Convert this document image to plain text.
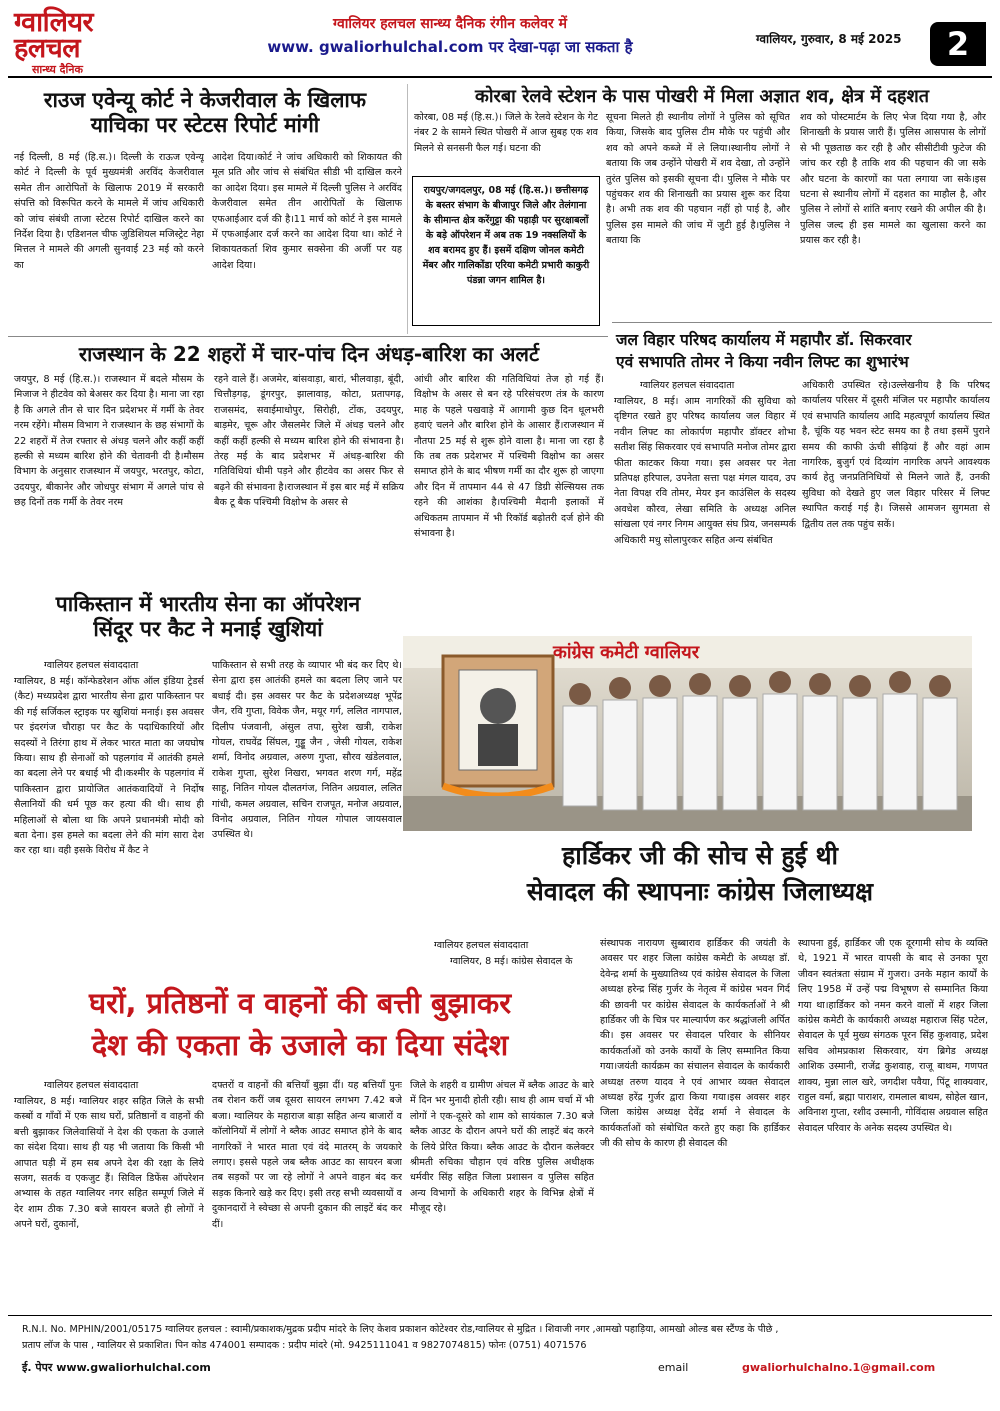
ग्वालियर
हलचल
सान्ध्य दैनिक
ग्वालियर हलचल सान्ध्य दैनिक रंगीन कलेवर में
www. gwaliorhulchal.com पर देखा-पढ़ा जा सकता है	ग्वालियर, गुरुवार, 8 मई 2025	2
राउज एवेन्यू कोर्ट ने केजरीवाल के खिलाफ
याचिका पर स्टेटस रिपोर्ट मांगी
नई दिल्ली, 8 मई (हि.स.)। दिल्ली के राऊज एवेन्यू कोर्ट ने दिल्ली के पूर्व मुख्यमंत्री अरविंद केजरीवाल समेत तीन आरोपितों के खिलाफ 2019 में सरकारी संपत्ति को विरूपित करने के मामले में जांच अधिकारी को जांच संबंधी ताजा स्टेटस रिपोर्ट दाखिल करने का निर्देश दिया है। एडिशनल चीफ जुडिशियल मजिस्ट्रेट नेहा मित्तल ने मामले की अगली सुनवाई 23 मई को करने का
आदेश दिया।कोर्ट ने जांच अधिकारी को शिकायत की मूल प्रति और जांच से संबंधित सीडी भी दाखिल करने का आदेश दिया। इस मामले में दिल्ली पुलिस ने अरविंद केजरीवाल समेत तीन आरोपितों के खिलाफ एफआईआर दर्ज की है।11 मार्च को कोर्ट ने इस मामले में एफआईआर दर्ज करने का आदेश दिया था। कोर्ट ने शिकायतकर्ता शिव कुमार सक्सेना की अर्जी पर यह आदेश दिया।
कोरबा रेलवे स्टेशन के पास पोखरी में मिला अज्ञात शव, क्षेत्र में दहशत
कोरबा, 08 मई (हि.स.)। जिले के रेलवे स्टेशन के गेट नंबर 2 के सामने स्थित पोखरी में आज सुबह एक शव मिलने से सनसनी फैल गई। घटना की
रायपुर/जगदलपुर, 08 मई (हि.स.)। छत्तीसगढ़ के बस्तर संभाग के बीजापुर जिले और तेलंगाना के सीमान्त क्षेत्र करेंगुट्टा की पहाड़ी पर सुरक्षाबलों के बड़े ऑपरेशन में अब तक 19 नक्सलियों के शव बरामद हुए हैं। इसमें दक्षिण जोनल कमेटी मेंबर और गालिकोंडा एरिया कमेटी प्रभारी काकुरी पंडन्ना जगन शामिल है।
सूचना मिलते ही स्थानीय लोगों ने पुलिस को सूचित किया, जिसके बाद पुलिस टीम मौके पर पहुंची और शव को अपने कब्जे में ले लिया।स्थानीय लोगों ने बताया कि जब उन्होंने पोखरी में शव देखा, तो उन्होंने तुरंत पुलिस को इसकी सूचना दी। पुलिस ने मौके पर पहुंचकर शव की शिनाख्ती का प्रयास शुरू कर दिया है। अभी तक शव की पहचान नहीं हो पाई है, और पुलिस इस मामले की जांच में जुटी हुई है।पुलिस ने बताया कि
शव को पोस्टमार्टम के लिए भेज दिया गया है, और शिनाख्ती के प्रयास जारी हैं। पुलिस आसपास के लोगों से भी पूछताछ कर रही है और सीसीटीवी फुटेज की जांच कर रही है ताकि शव की पहचान की जा सके और घटना के कारणों का पता लगाया जा सके।इस घटना से स्थानीय लोगों में दहशत का माहौल है, और पुलिस ने लोगों से शांति बनाए रखने की अपील की है। पुलिस जल्द ही इस मामले का खुलासा करने का प्रयास कर रही है।
राजस्थान के 22 शहरों में चार-पांच दिन अंधड़-बारिश का अलर्ट
जयपुर, 8 मई (हि.स.)। राजस्थान में बदले मौसम के मिजाज ने हीटवेव को बेअसर कर दिया है। माना जा रहा है कि अगले तीन से चार दिन प्रदेशभर में गर्मी के तेवर नरम रहेंगे। मौसम विभाग ने राजस्थान के छह संभागों के 22 शहरों में तेज रफ्तार से अंधड़ चलने और कहीं कहीं हल्की से मध्यम बारिश होने की चेतावनी दी है।मौसम विभाग के अनुसार राजस्थान में जयपुर, भरतपुर, कोटा, उदयपुर, बीकानेर और जोधपुर संभाग में अगले पांच से छह दिनों तक गर्मी के तेवर नरम
रहने वाले हैं। अजमेर, बांसवाड़ा, बारां, भीलवाड़ा, बूंदी, चित्तौड़गढ़, डूंगरपुर, झालावाड़, कोटा, प्रतापगढ़, राजसमंद, सवाईमाधोपुर, सिरोही, टोंक, उदयपुर, बाड़मेर, चूरू और जैसलमेर जिले में अंधड़ चलने और कहीं कहीं हल्की से मध्यम बारिश होने की संभावना है। तेरह मई के बाद प्रदेशभर में अंधड़-बारिश की गतिविधियां धीमी पड़ने और हीटवेव का असर फिर से बढ़ने की संभावना है।राजस्थान में इस बार मई में सक्रिय बैक टू बैक पश्चिमी विक्षोभ के असर से
आंधी और बारिश की गतिविधियां तेज हो गई हैं। विक्षोभ के असर से बन रहे परिसंचरण तंत्र के कारण माह के पहले पखवाड़े में आगामी कुछ दिन धूलभरी हवाएं चलने और बारिश होने के आसार हैं।राजस्थान में नौतपा 25 मई से शुरू होने वाला है। माना जा रहा है कि तब तक प्रदेशभर में पश्चिमी विक्षोभ का असर समाप्त होने के बाद भीषण गर्मी का दौर शुरू हो जाएगा और दिन में तापमान 44 से 47 डिग्री सेल्सियस तक रहने की आशंका है।पश्चिमी मैदानी इलाकों में अधिकतम तापमान में भी रिकॉर्ड बढ़ोतरी दर्ज होने की संभावना है।
जल विहार परिषद कार्यालय में महापौर डॉ. सिकरवार
एवं सभापति तोमर ने किया नवीन लिफ्ट का शुभारंभ
ग्वालियर हलचल संवाददाता
ग्वालियर, 8 मई। आम नागरिकों की सुविधा को दृष्टिगत रखते हुए परिषद कार्यालय जल विहार में नवीन लिफ्ट का लोकार्पण महापौर डॉक्टर शोभा सतीश सिंह सिकरवार एवं सभापति मनोज तोमर द्वारा फीता काटकर किया गया। इस अवसर पर नेता प्रतिपक्ष हरिपाल, उपनेता सत्ता पक्ष मंगल यादव, उप नेता विपक्ष रवि तोमर, मेयर इन काउंसिल के सदस्य अवधेश कौरव, लेखा समिति के अध्यक्ष अनिल सांखला एवं नगर निगम आयुक्त संघ प्रिय, जनसम्पर्क अधिकारी मधु सोलापुरकर सहित अन्य संबंधित
अधिकारी उपस्थित रहे।उल्लेखनीय है कि परिषद कार्यालय परिसर में दूसरी मंजिल पर महापौर कार्यालय एवं सभापति कार्यालय आदि महत्वपूर्ण कार्यालय स्थित है, चूंकि यह भवन स्टेट समय का है तथा इसमें पुराने समय की काफी ऊंची सीढ़ियां हैं और वहां आम नागरिक, बुजुर्ग एवं दिव्यांग नागरिक अपने आवश्यक कार्य हेतु जनप्रतिनिधियों से मिलने जाते हैं, उनकी सुविधा को देखते हुए जल विहार परिसर में लिफ्ट स्थापित कराई गई है। जिससे आमजन सुगमता से द्वितीय तल तक पहुंच सकें।
पाकिस्तान में भारतीय सेना का ऑपरेशन
सिंदूर पर कैट ने मनाई खुशियां
ग्वालियर हलचल संवाददाता
ग्वालियर, 8 मई। कॉन्फेडरेशन ऑफ ऑल इंडिया ट्रेडर्स (कैट) मध्यप्रदेश द्वारा भारतीय सेना द्वारा पाकिस्तान पर की गई सर्जिकल स्ट्राइक पर खुशियां मनाई। इस अवसर पर इंदरगंज चौराहा पर कैट के पदाधिकारियों और सदस्यों ने तिरंगा हाथ में लेकर भारत माता का जयघोष किया। साथ ही सेनाओं को पहलगांव में आतंकी हमले का बदला लेने पर बधाई भी दी।कश्मीर के पहलगांव में पाकिस्तान द्वारा प्रायोजित आतंकवादियों ने निर्दोष सैलानियों की धर्म पूछ कर हत्या की थी। साथ ही महिलाओं से बोला था कि अपने प्रधानमंत्री मोदी को बता देना। इस हमले का बदला लेने की मांग सारा देश कर रहा था। वही इसके विरोध में कैट ने
पाकिस्तान से सभी तरह के व्यापार भी बंद कर दिए थे। सेना द्वारा इस आतंकी हमले का बदला लिए जाने पर बधाई दी। इस अवसर पर कैट के प्रदेशअध्यक्ष भूपेंद्र जैन, रवि गुप्ता, विवेक जैन, मयूर गर्ग, ललित नागपाल, दिलीप पंजवानी, अंसुल तपा, सुरेश खत्री, राकेश गोयल, राघवेंद्र सिंघल, गुड्डू जैन , जेसी गोयल, राकेश शर्मा, विनोद अग्रवाल, अरुण गुप्ता, सौरव खंडेलवाल, राकेश गुप्ता, सुरेश निखरा, भगवत शरण गर्ग, महेंद्र साहू, नितिन गोयल दौलतगंज, नितिन अग्रवाल, ललित गांधी, कमल अग्रवाल, सचिन राजपूत, मनोज अग्रवाल, विनोद अग्रवाल, नितिन गोयल गोपाल जायसवाल उपस्थित थे।
कांग्रेस कमेटी ग्वालियर
हार्डिकर जी की सोच से हुई थी
सेवादल की स्थापनाः कांग्रेस जिलाध्यक्ष
ग्वालियर हलचल संवाददाता
ग्वालियर, 8 मई। कांग्रेस सेवादल के
संस्थापक नारायण सुब्बाराव हार्डिकर की जयंती के अवसर पर शहर जिला कांग्रेस कमेटी के अध्यक्ष डॉ. देवेन्द्र शर्मा के मुख्यातिथ्य एवं कांग्रेस सेवादल के जिला अध्यक्ष हरेन्द्र सिंह गुर्जर के नेतृत्व में कांग्रेस भवन गिर्द की छावनी पर कांग्रेस सेवादल के कार्यकर्ताओं ने श्री हार्डिकर जी के चित्र पर माल्यार्पण कर श्रद्धांजली अर्पित की। इस अवसर पर सेवादल परिवार के सीनियर कार्यकर्ताओं को उनके कार्यों के लिए सम्मानित किया गया।जयंती कार्यक्रम का संचालन सेवादल के कार्यकारी अध्यक्ष तरुण यादव ने एवं आभार व्यक्त सेवादल अध्यक्ष हरेंद्र गुर्जर द्वारा किया गया।इस अवसर शहर जिला कांग्रेस अध्यक्ष देवेंद्र शर्मा ने सेवादल के कार्यकर्ताओं को संबोधित करते हुए कहा कि हार्डिकर जी की सोच के कारण ही सेवादल की
स्थापना हुई, हार्डिकर जी एक दूरगामी सोच के व्यक्ति थे, 1921 में भारत वापसी के बाद से उनका पूरा जीवन स्वतंत्रता संग्राम में गुजरा। उनके महान कार्यों के लिए 1958 में उन्हें पद्म विभूषण से सम्मानित किया गया था।हार्डिकर को नमन करने वालों में शहर जिला कांग्रेस कमेटी के कार्यकारी अध्यक्ष महाराज सिंह पटेल, सेवादल के पूर्व मुख्य संगठक पूरन सिंह कुशवाह, प्रदेश सचिव ओमप्रकाश सिकरवार, यंग ब्रिगेड अध्यक्ष आशिक उस्मानी, राजेंद्र कुशवाह, राजू बाथम, गणपत शाक्य, मुन्ना लाल खरे, जगदीश पवैया, पिंटू शाक्यवार, राहुल वर्मा, ब्रह्मा पाराशर, रामलाल बाथम, सोहेल खान, अविनाश गुप्ता, रशीद उस्मानी, गोविंदास अग्रवाल सहित सेवादल परिवार के अनेक सदस्य उपस्थित थे।
घरों, प्रतिष्ठनों व वाहनों की बत्ती बुझाकर
देश की एकता के उजाले का दिया संदेश
ग्वालियर हलचल संवाददाता
ग्वालियर, 8 मई। ग्वालियर शहर सहित जिले के सभी कस्बों व गाँवों में एक साथ घरों, प्रतिष्ठानों व वाहनों की बत्ती बुझाकर जिलेवासियों ने देश की एकता के उजाले का संदेश दिया। साथ ही यह भी जताया कि किसी भी आपात घड़ी में हम सब अपने देश की रक्षा के लिये सजग, सतर्क व एकजुट हैं। सिविल डिफेंस ऑपरेशन अभ्यास के तहत ग्वालियर नगर सहित सम्पूर्ण जिले में देर शाम ठीक 7.30 बजे सायरन बजते ही लोगों ने अपने घरों, दुकानों,
दफ्तरों व वाहनों की बत्तियाँ बुझा दीं। यह बत्तियाँ पुनः तब रोशन करीं जब दूसरा सायरन लगभग 7.42 बजे बजा। ग्वालियर के महाराज बाड़ा सहित अन्य बाजारों व कॉलोनियों में लोगों ने ब्लैक आउट समाप्त होने के बाद नागरिकों ने भारत माता एवं वंदे मातरम् के जयकारे लगाए। इससे पहले जब ब्लैक आउट का सायरन बजा तब सड़कों पर जा रहे लोगों ने अपने वाहन बंद कर सड़क किनारे खड़े कर दिए। इसी तरह सभी व्यवसायों व दुकानदारों ने स्वेच्छा से अपनी दुकान की लाइटें बंद कर दीं।
जिले के शहरी व ग्रामीण अंचल में ब्लैक आउट के बारे में दिन भर मुनादी होती रही। साथ ही आम चर्चा में भी लोगों ने एक-दूसरे को शाम को सायंकाल 7.30 बजे ब्लैक आउट के दौरान अपने घरों की लाइटें बंद करने के लिये प्रेरित किया। ब्लैक आउट के दौरान कलेक्टर श्रीमती रुचिका चौहान एवं वरिष्ठ पुलिस अधीक्षक धर्मवीर सिंह सहित जिला प्रशासन व पुलिस सहित अन्य विभागों के अधिकारी शहर के विभिन्न क्षेत्रों में मौजूद रहे।
R.N.I. No. MPHIN/2001/05175 ग्वालियर हलचल : स्वामी/प्रकाशक/मुद्रक प्रदीप मांदरे के लिए केशव प्रकाशन कोटेश्वर रोड,ग्वालियर से मुद्रित । शिवाजी नगर ,आमखो पहाड़िया, आमखो ओल्ड बस स्टैंण्ड के पीछे ,
प्रताप लॉज के पास , ग्वालियर से प्रकाशित। पिन कोड 474001 सम्पादक : प्रदीप मांदरे (मो. 9425111041 व 9827074815) फोनः (0751) 4071576
ई. पेपर www.gwaliorhulchal.com	email	gwaliorhulchalno.1@gmail.com
